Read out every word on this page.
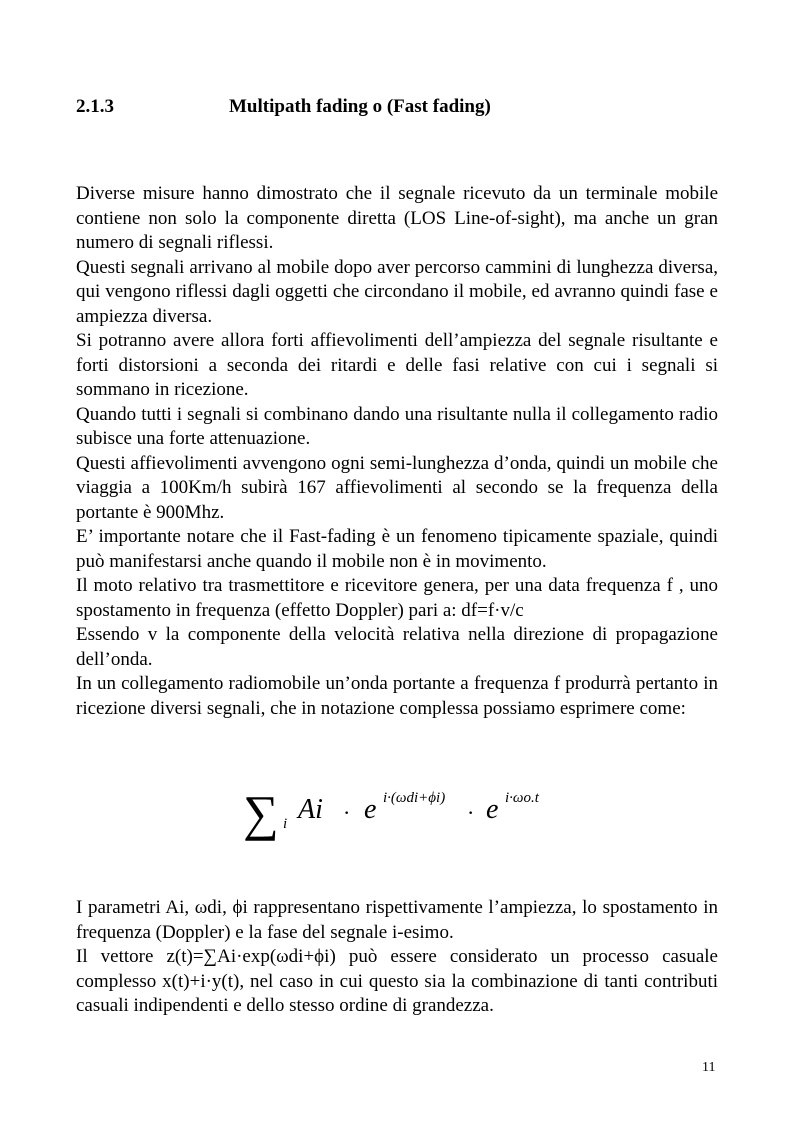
2.1.3	Multipath fading o (Fast fading)

Diverse misure hanno dimostrato che il segnale ricevuto da un terminale mobile contiene non solo la componente diretta (LOS Line-of-sight), ma anche un gran numero di segnali riflessi.

Questi segnali arrivano al mobile dopo aver percorso cammini di lunghezza diversa, qui vengono riflessi dagli oggetti che circondano il mobile, ed avranno quindi fase e ampiezza diversa.

Si potranno avere allora forti affievolimenti dell’ampiezza del segnale risultante e forti distorsioni a seconda dei ritardi e delle fasi relative con cui i segnali si sommano in ricezione.

Quando tutti i segnali si combinano dando una risultante nulla il collegamento radio subisce una forte attenuazione.

Questi affievolimenti avvengono ogni semi-lunghezza d’onda, quindi un mobile che viaggia a 100Km/h subirà 167 affievolimenti al secondo se la frequenza della portante è 900Mhz.

E’ importante notare che il Fast-fading è un fenomeno tipicamente spaziale, quindi può manifestarsi anche quando il mobile non è in movimento.

Il moto relativo tra trasmettitore e ricevitore genera, per una data frequenza f , uno spostamento in frequenza (effetto Doppler) pari a: df=f·v/c

Essendo v la componente della velocità relativa nella direzione di propagazione dell’onda.

In un collegamento radiomobile un’onda portante a frequenza f produrrà pertanto in ricezione diversi segnali, che in notazione complessa possiamo esprimere come:

∑ i Ai · e i·(ωdi+ϕi)
· e i·ωo.t

I parametri Ai, ωdi, ϕi rappresentano rispettivamente l’ampiezza, lo spostamento in frequenza (Doppler) e la fase del segnale i-esimo.

Il vettore z(t)=∑Ai·exp(ωdi+ϕi) può essere considerato un processo casuale complesso x(t)+i·y(t), nel caso in cui questo sia la combinazione di tanti contributi casuali indipendenti e dello stesso ordine di grandezza.

11
